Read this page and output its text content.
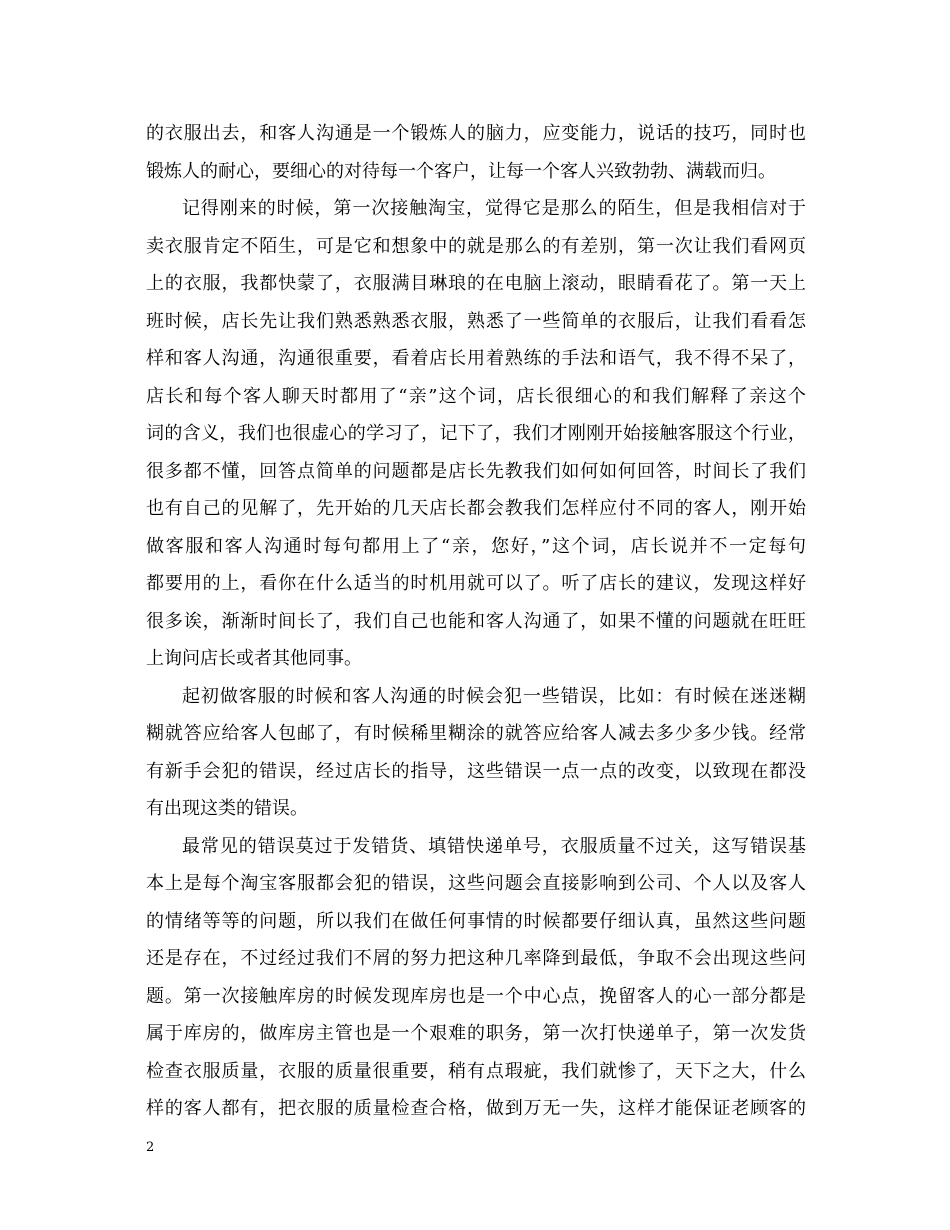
的衣服出去，和客人沟通是一个锻炼人的脑力，应变能力，说话的技巧，同时也
锻炼人的耐心，要细心的对待每一个客户，让每一个客人兴致勃勃、满载而归。
记得刚来的时候，第一次接触淘宝，觉得它是那么的陌生，但是我相信对于
卖衣服肯定不陌生，可是它和想象中的就是那么的有差别，第一次让我们看网页
上的衣服，我都快蒙了，衣服满目琳琅的在电脑上滚动，眼睛看花了。第一天上
班时候，店长先让我们熟悉熟悉衣服，熟悉了一些简单的衣服后，让我们看看怎
样和客人沟通，沟通很重要，看着店长用着熟练的手法和语气，我不得不呆了，
店长和每个客人聊天时都用了“亲”这个词，店长很细心的和我们解释了亲这个
词的含义，我们也很虚心的学习了，记下了，我们才刚刚开始接触客服这个行业，
很多都不懂，回答点简单的问题都是店长先教我们如何如何回答，时间长了我们
也有自己的见解了，先开始的几天店长都会教我们怎样应付不同的客人，刚开始
做客服和客人沟通时每句都用上了“亲，您好，”这个词，店长说并不一定每句
都要用的上，看你在什么适当的时机用就可以了。听了店长的建议，发现这样好
很多诶，渐渐时间长了，我们自己也能和客人沟通了，如果不懂的问题就在旺旺
上询问店长或者其他同事。
起初做客服的时候和客人沟通的时候会犯一些错误，比如：有时候在迷迷糊
糊就答应给客人包邮了，有时候稀里糊涂的就答应给客人减去多少多少钱。经常
有新手会犯的错误，经过店长的指导，这些错误一点一点的改变，以致现在都没
有出现这类的错误。
最常见的错误莫过于发错货、填错快递单号，衣服质量不过关，这写错误基
本上是每个淘宝客服都会犯的错误，这些问题会直接影响到公司、个人以及客人
的情绪等等的问题，所以我们在做任何事情的时候都要仔细认真，虽然这些问题
还是存在，不过经过我们不屑的努力把这种几率降到最低，争取不会出现这些问
题。第一次接触库房的时候发现库房也是一个中心点，挽留客人的心一部分都是
属于库房的，做库房主管也是一个艰难的职务，第一次打快递单子，第一次发货
检查衣服质量，衣服的质量很重要，稍有点瑕疵，我们就惨了，天下之大，什么
样的客人都有，把衣服的质量检查合格，做到万无一失，这样才能保证老顾客的
2
